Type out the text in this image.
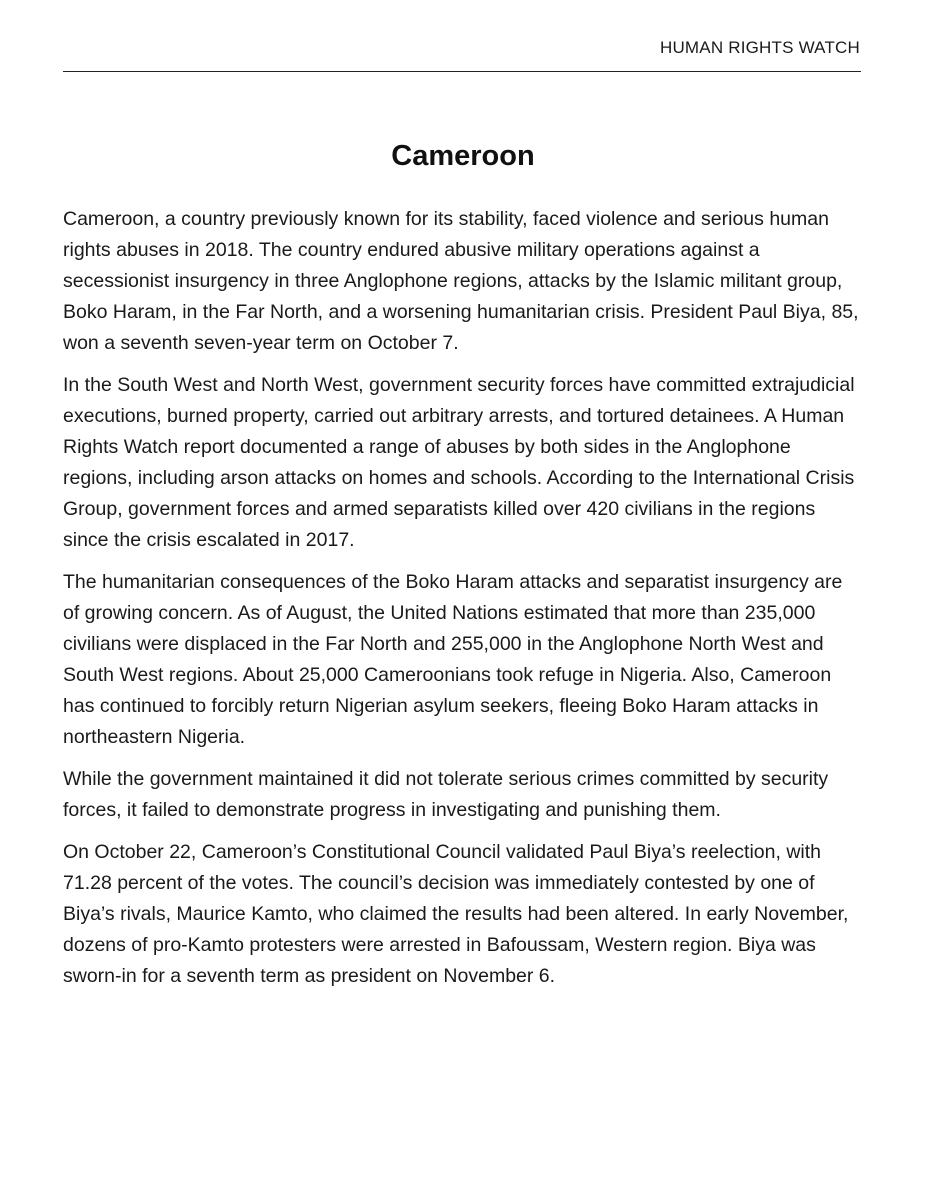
HUMAN RIGHTS WATCH
Cameroon

Cameroon, a country previously known for its stability, faced violence and serious human rights abuses in 2018. The country endured abusive military operations against a secessionist insurgency in three Anglophone regions, attacks by the Islamic militant group, Boko Haram, in the Far North, and a worsening humanitarian crisis. President Paul Biya, 85, won a seventh seven-year term on October 7.

In the South West and North West, government security forces have committed extrajudicial executions, burned property, carried out arbitrary arrests, and tortured detainees. A Human Rights Watch report documented a range of abuses by both sides in the Anglophone regions, including arson attacks on homes and schools. According to the International Crisis Group, government forces and armed separatists killed over 420 civilians in the regions since the crisis escalated in 2017.

The humanitarian consequences of the Boko Haram attacks and separatist insurgency are of growing concern. As of August, the United Nations estimated that more than 235,000 civilians were displaced in the Far North and 255,000 in the Anglophone North West and South West regions. About 25,000 Cameroonians took refuge in Nigeria. Also, Cameroon has continued to forcibly return Nigerian asylum seekers, fleeing Boko Haram attacks in northeastern Nigeria.

While the government maintained it did not tolerate serious crimes committed by security forces, it failed to demonstrate progress in investigating and punishing them.

On October 22, Cameroon’s Constitutional Council validated Paul Biya’s reelection, with 71.28 percent of the votes. The council’s decision was immediately contested by one of Biya’s rivals, Maurice Kamto, who claimed the results had been altered. In early November, dozens of pro-Kamto protesters were arrested in Bafoussam, Western region. Biya was sworn-in for a seventh term as president on November 6.
